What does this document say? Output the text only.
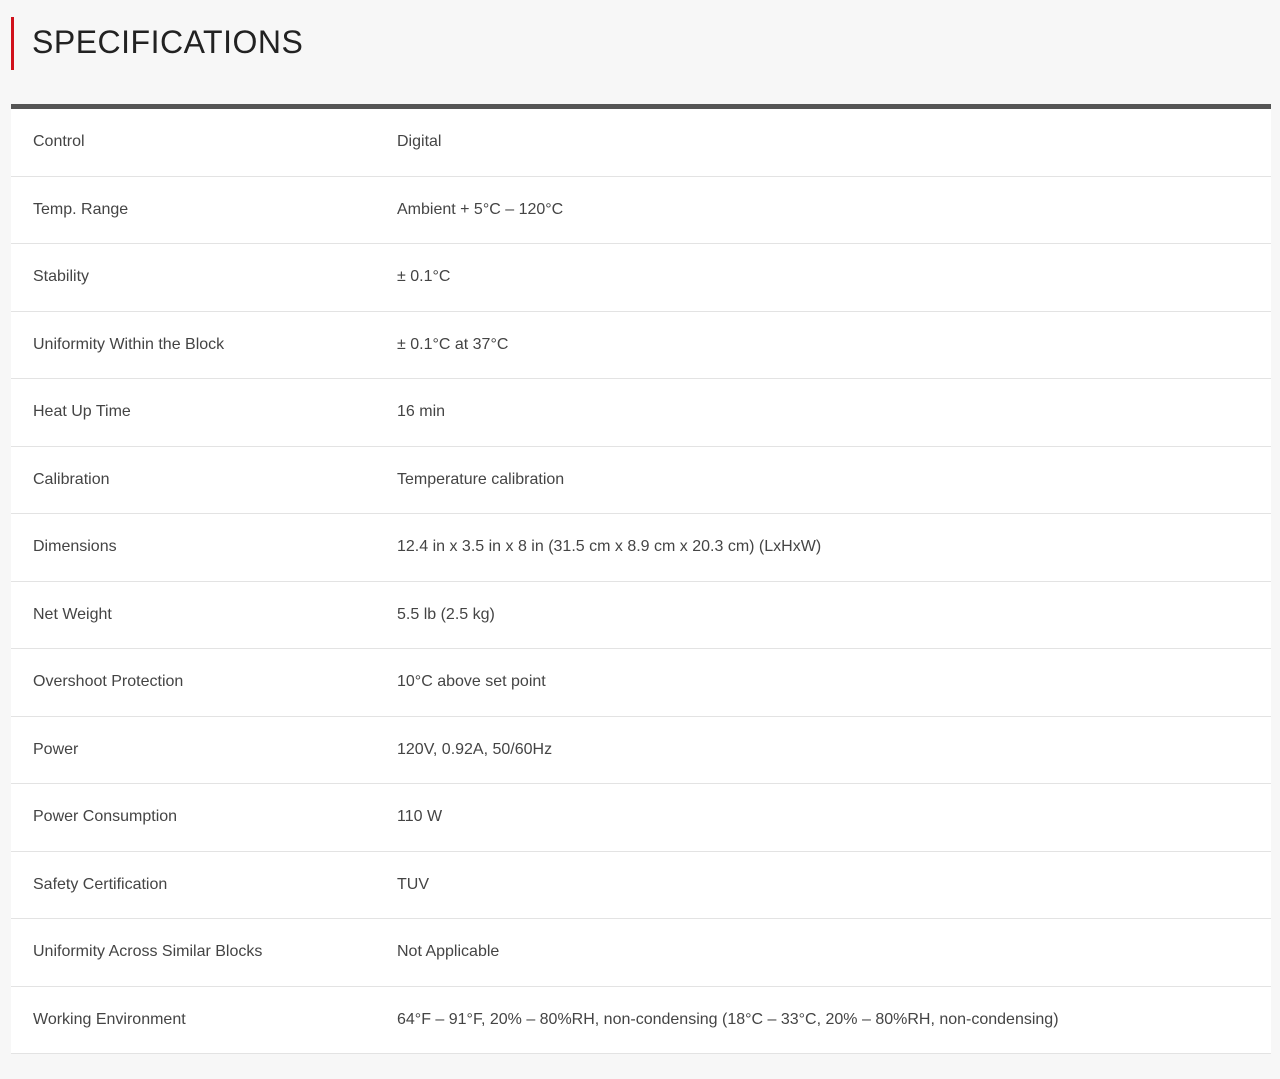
SPECIFICATIONS
Control	Digital
Temp. Range	Ambient + 5°C – 120°C
Stability	± 0.1°C
Uniformity Within the Block	± 0.1°C at 37°C
Heat Up Time	16 min
Calibration	Temperature calibration
Dimensions	12.4 in x 3.5 in x 8 in (31.5 cm x 8.9 cm x 20.3 cm) (LxHxW)
Net Weight	5.5 lb (2.5 kg)
Overshoot Protection	10°C above set point
Power	120V, 0.92A, 50/60Hz
Power Consumption	110 W
Safety Certification	TUV
Uniformity Across Similar Blocks	Not Applicable
Working Environment	64°F – 91°F, 20% – 80%RH, non-condensing (18°C – 33°C, 20% – 80%RH, non-condensing)
